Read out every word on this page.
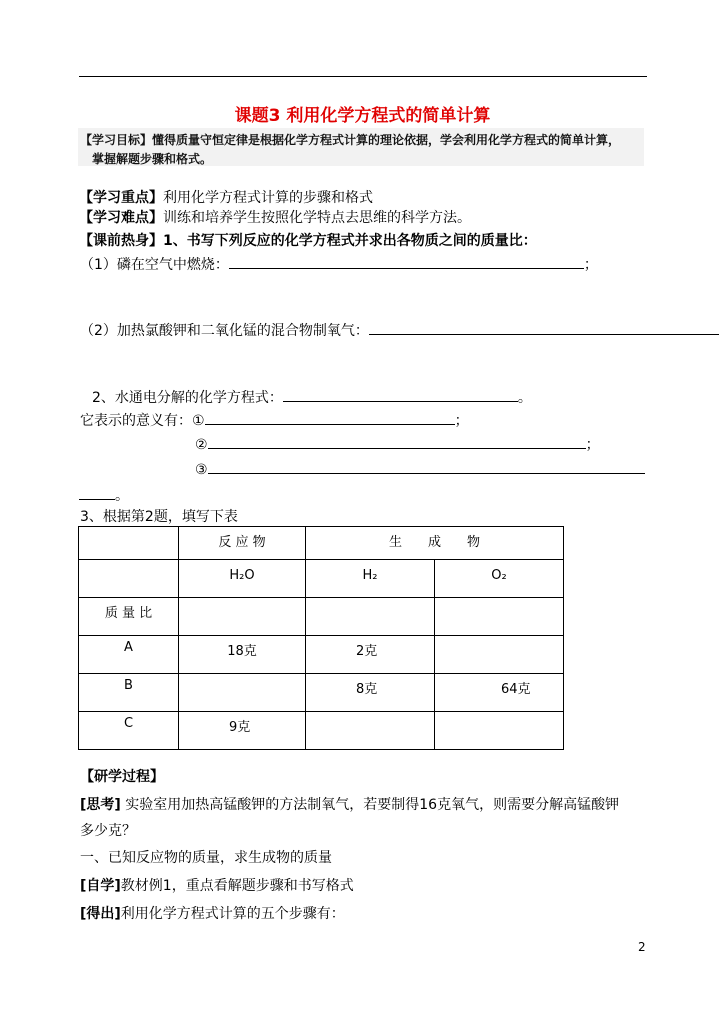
课题3 利用化学方程式的简单计算
【学习目标】懂得质量守恒定律是根据化学方程式计算的理论依据，学会利用化学方程式的简单计算，
掌握解题步骤和格式。
【学习重点】利用化学方程式计算的步骤和格式
【学习难点】训练和培养学生按照化学特点去思维的科学方法。
【课前热身】1、书写下列反应的化学方程式并求出各物质之间的质量比：
（1）磷在空气中燃烧：	；
（2）加热氯酸钾和二氧化锰的混合物制氧气：
2、水通电分解的化学方程式：	。
它表示的意义有：①	；
②	；
③
。
3、根据第2题，填写下表
	反 应 物	生　　成　　物	
	H₂O	H₂	O₂
质 量 比			
A	18克	2克	
B		8克	64克
C	9克		
【研学过程】
[思考] 实验室用加热高锰酸钾的方法制氧气，若要制得16克氧气，则需要分解高锰酸钾
多少克？
一、已知反应物的质量，求生成物的质量
[自学]教材例1，重点看解题步骤和书写格式
[得出]利用化学方程式计算的五个步骤有：
2
